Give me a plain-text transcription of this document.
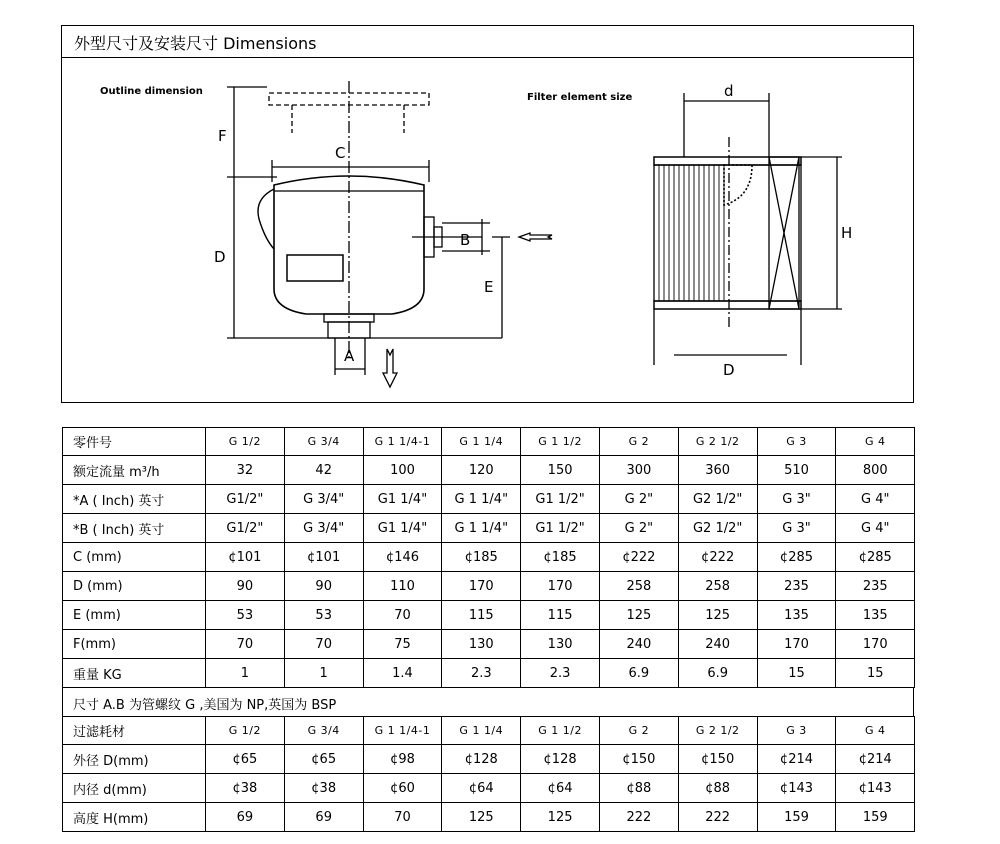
外型尺寸及安装尺寸 Dimensions
Outline dimension
Filter element size
F
C
D
B
E
A
d
H
D
零件号	G 1/2	G 3/4	G 1 1/4-1	G 1 1/4	G 1 1/2	G 2	G 2 1/2	G 3	G 4
额定流量 m³/h	32	42	100	120	150	300	360	510	800
*A ( Inch) 英寸	G1/2"	G 3/4"	G1 1/4"	G 1 1/4"	G1 1/2"	G 2"	G2 1/2"	G 3"	G 4"
*B ( Inch) 英寸	G1/2"	G 3/4"	G1 1/4"	G 1 1/4"	G1 1/2"	G 2"	G2 1/2"	G 3"	G 4"
C (mm)	¢101	¢101	¢146	¢185	¢185	¢222	¢222	¢285	¢285
D (mm)	90	90	110	170	170	258	258	235	235
E (mm)	53	53	70	115	115	125	125	135	135
F(mm)	70	70	75	130	130	240	240	170	170
重量 KG	1	1	1.4	2.3	2.3	6.9	6.9	15	15
尺寸 A.B 为管螺纹 G ,美国为 NP,英国为 BSP
过滤耗材	G 1/2	G 3/4	G 1 1/4-1	G 1 1/4	G 1 1/2	G 2	G 2 1/2	G 3	G 4
外径 D(mm)	¢65	¢65	¢98	¢128	¢128	¢150	¢150	¢214	¢214
内径 d(mm)	¢38	¢38	¢60	¢64	¢64	¢88	¢88	¢143	¢143
高度 H(mm)	69	69	70	125	125	222	222	159	159
